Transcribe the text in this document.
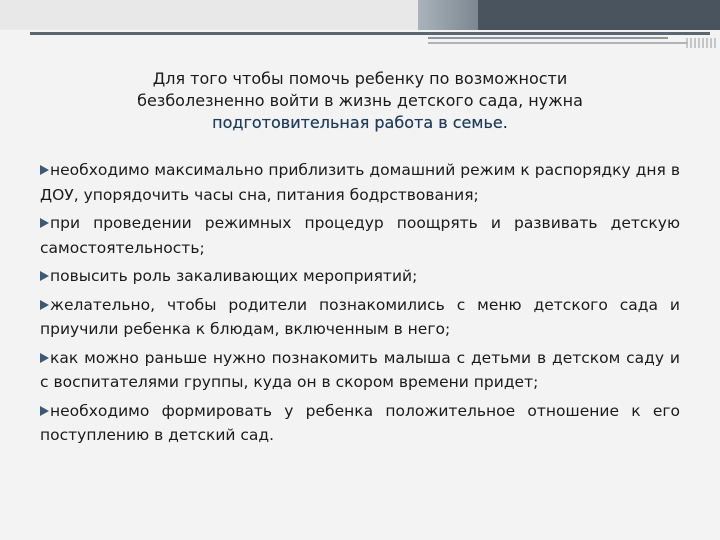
Для того чтобы помочь ребенку по возможности
безболезненно войти в жизнь детского сада, нужна
подготовительная работа в семье.
необходимо максимально приблизить домашний режим к распорядку дня в ДОУ, упорядочить часы сна, питания бодрствования;
при проведении режимных процедур поощрять и развивать детскую самостоятельность;
повысить роль закаливающих мероприятий;
желательно, чтобы родители познакомились с меню детского сада и приучили ребенка к блюдам, включенным в него;
как можно раньше нужно познакомить малыша с детьми в детском саду и с воспитателями группы, куда он в скором времени придет;
необходимо формировать у ребенка положительное отношение к его поступлению в детский сад.
